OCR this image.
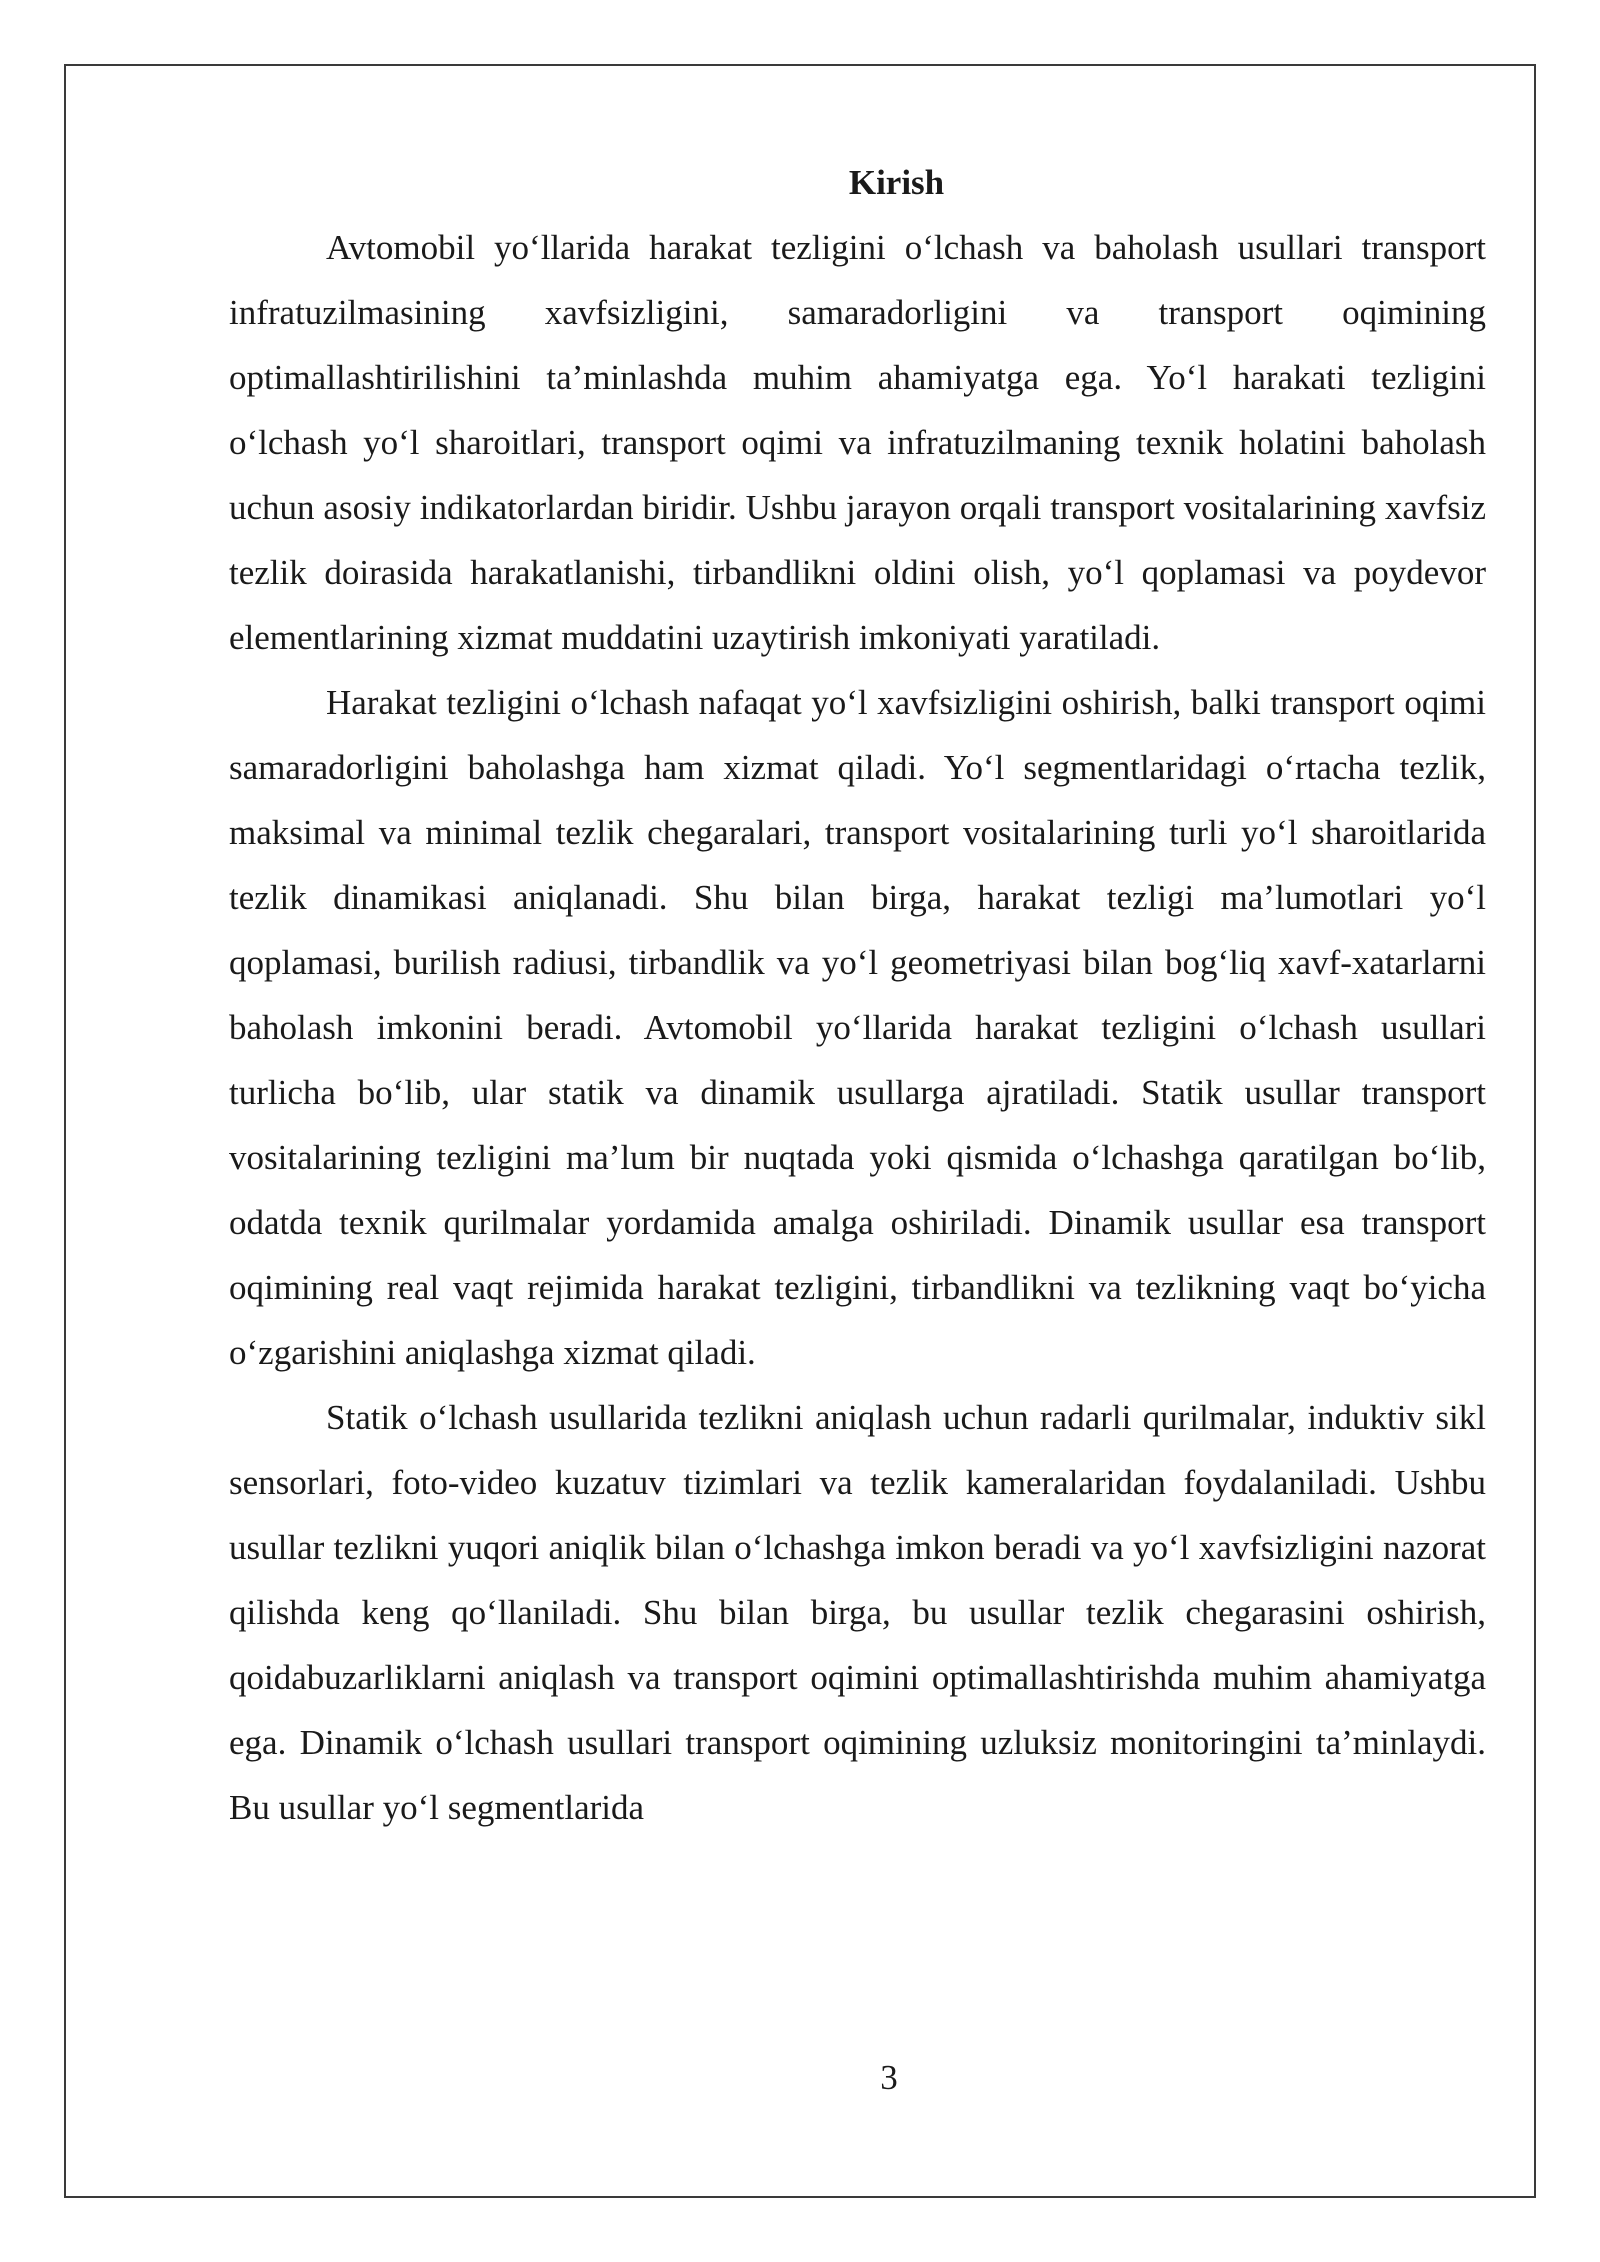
Kirish

Avtomobil yo‘llarida harakat tezligini o‘lchash va baholash usullari transport infratuzilmasining xavfsizligini, samaradorligini va transport oqimining optimallashtirilishini ta’minlashda muhim ahamiyatga ega. Yo‘l harakati tezligini o‘lchash yo‘l sharoitlari, transport oqimi va infratuzilmaning texnik holatini baholash uchun asosiy indikatorlardan biridir. Ushbu jarayon orqali transport vositalarining xavfsiz tezlik doirasida harakatlanishi, tirbandlikni oldini olish, yo‘l qoplamasi va poydevor elementlarining xizmat muddatini uzaytirish imkoniyati yaratiladi.

Harakat tezligini o‘lchash nafaqat yo‘l xavfsizligini oshirish, balki transport oqimi samaradorligini baholashga ham xizmat qiladi. Yo‘l segmentlaridagi o‘rtacha tezlik, maksimal va minimal tezlik chegaralari, transport vositalarining turli yo‘l sharoitlarida tezlik dinamikasi aniqlanadi. Shu bilan birga, harakat tezligi ma’lumotlari yo‘l qoplamasi, burilish radiusi, tirbandlik va yo‘l geometriyasi bilan bog‘liq xavf-xatarlarni baholash imkonini beradi. Avtomobil yo‘llarida harakat tezligini o‘lchash usullari turlicha bo‘lib, ular statik va dinamik usullarga ajratiladi. Statik usullar transport vositalarining tezligini ma’lum bir nuqtada yoki qismida o‘lchashga qaratilgan bo‘lib, odatda texnik qurilmalar yordamida amalga oshiriladi. Dinamik usullar esa transport oqimining real vaqt rejimida harakat tezligini, tirbandlikni va tezlikning vaqt bo‘yicha o‘zgarishini aniqlashga xizmat qiladi.

Statik o‘lchash usullarida tezlikni aniqlash uchun radarli qurilmalar, induktiv sikl sensorlari, foto-video kuzatuv tizimlari va tezlik kameralaridan foydalaniladi. Ushbu usullar tezlikni yuqori aniqlik bilan o‘lchashga imkon beradi va yo‘l xavfsizligini nazorat qilishda keng qo‘llaniladi. Shu bilan birga, bu usullar tezlik chegarasini oshirish, qoidabuzarliklarni aniqlash va transport oqimini optimallashtirishda muhim ahamiyatga ega. Dinamik o‘lchash usullari transport oqimining uzluksiz monitoringini ta’minlaydi. Bu usullar yo‘l segmentlarida

3
